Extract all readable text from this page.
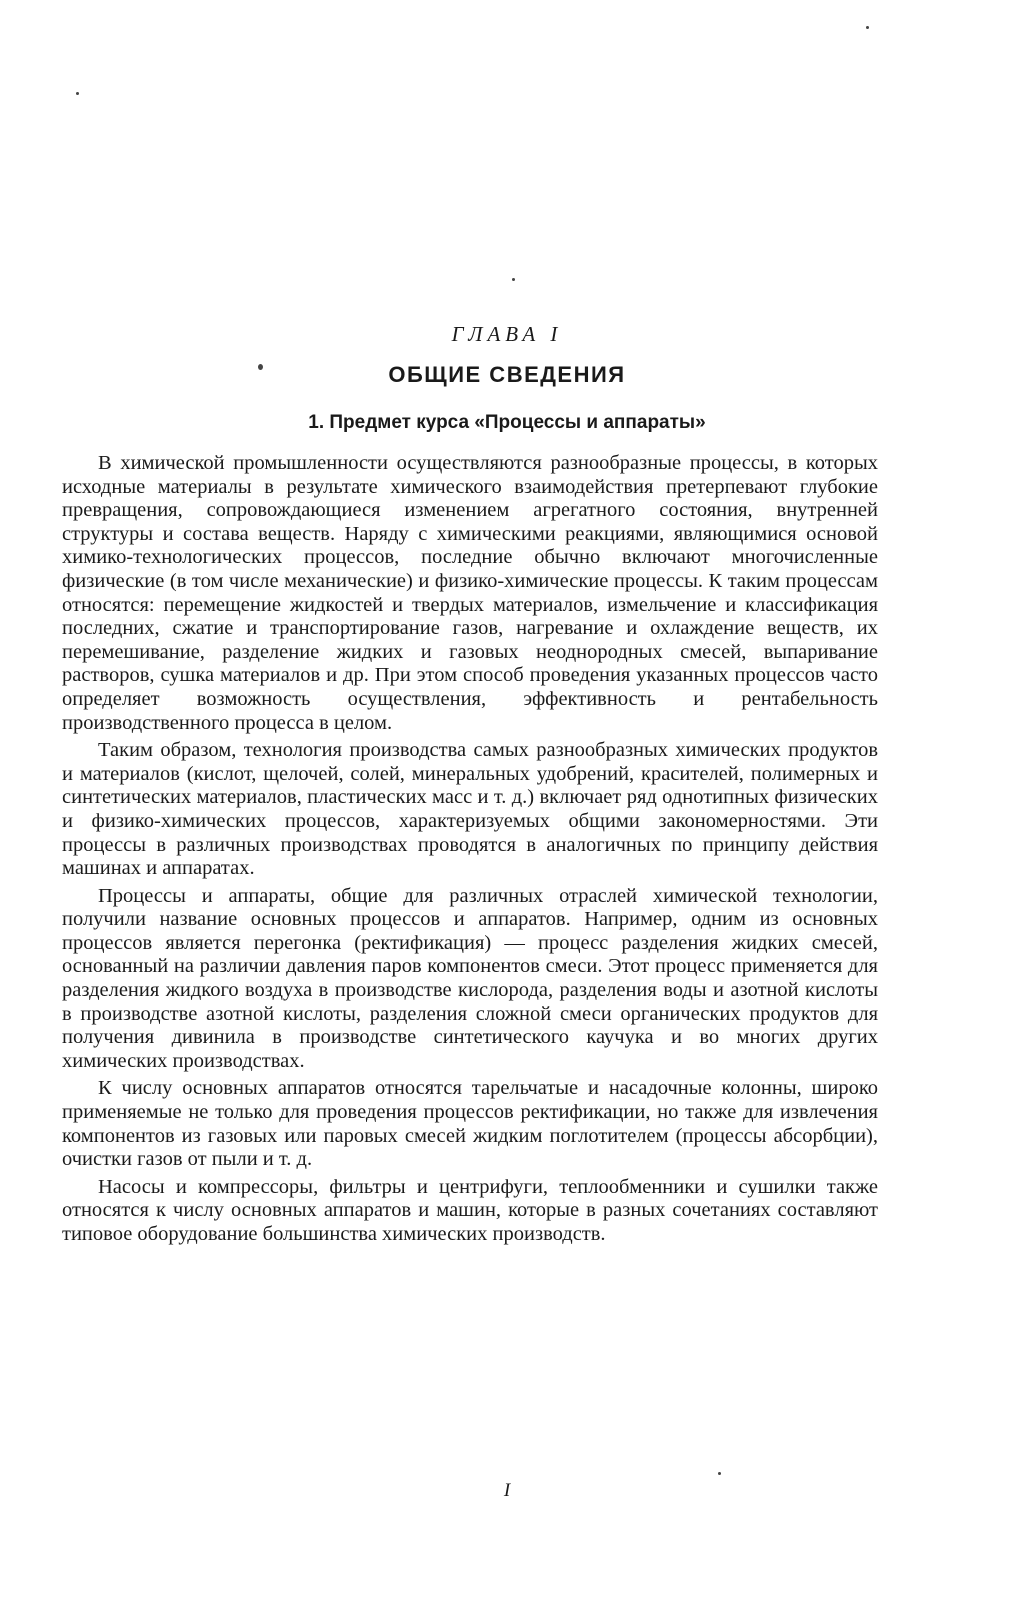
ГЛАВА I
ОБЩИЕ СВЕДЕНИЯ
1. Предмет курса «Процессы и аппараты»

В химической промышленности осуществляются разнообразные процессы, в которых исходные материалы в результате химического взаимодействия претерпевают глубокие превращения, сопровождающиеся изменением агрегатного состояния, внутренней структуры и состава веществ. Наряду с химическими реакциями, являющимися основой химико-технологических процессов, последние обычно включают многочисленные физические (в том числе механические) и физико-химические процессы. К таким процессам относятся: перемещение жидкостей и твердых материалов, измельчение и классификация последних, сжатие и транспортирование газов, нагревание и охлаждение веществ, их перемешивание, разделение жидких и газовых неоднородных смесей, выпаривание растворов, сушка материалов и др. При этом способ проведения указанных процессов часто определяет возможность осуществления, эффективность и рентабельность производственного процесса в целом.

Таким образом, технология производства самых разнообразных химических продуктов и материалов (кислот, щелочей, солей, минеральных удобрений, красителей, полимерных и синтетических материалов, пластических масс и т. д.) включает ряд однотипных физических и физико-химических процессов, характеризуемых общими закономерностями. Эти процессы в различных производствах проводятся в аналогичных по принципу действия машинах и аппаратах.

Процессы и аппараты, общие для различных отраслей химической технологии, получили название основных процессов и аппаратов. Например, одним из основных процессов является перегонка (ректификация) — процесс разделения жидких смесей, основанный на различии давления паров компонентов смеси. Этот процесс применяется для разделения жидкого воздуха в производстве кислорода, разделения воды и азотной кислоты в производстве азотной кислоты, разделения сложной смеси органических продуктов для получения дивинила в производстве синтетического каучука и во многих других химических производствах.

К числу основных аппаратов относятся тарельчатые и насадочные колонны, широко применяемые не только для проведения процессов ректификации, но также для извлечения компонентов из газовых или паровых смесей жидким поглотителем (процессы абсорбции), очистки газов от пыли и т. д.

Насосы и компрессоры, фильтры и центрифуги, теплообменники и сушилки также относятся к числу основных аппаратов и машин, которые в разных сочетаниях составляют типовое оборудование большинства химических производств.

I
